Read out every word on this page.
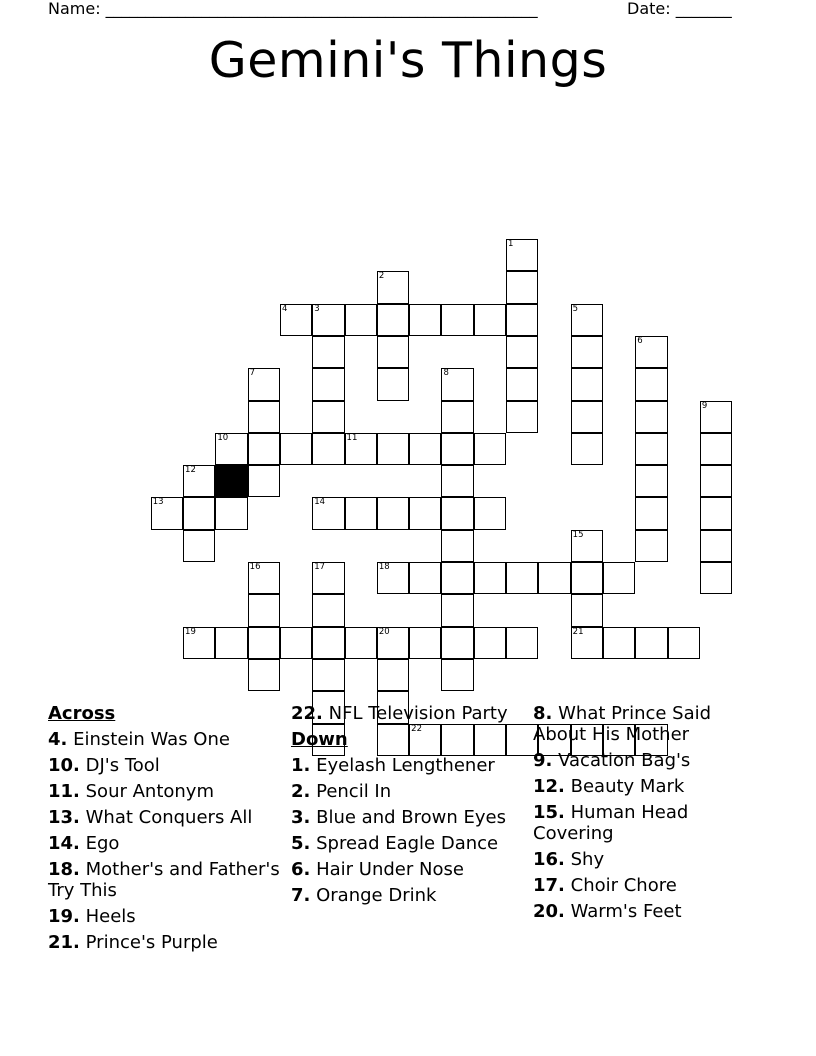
Name: ______________________________________________________	Date: _______
Gemini's Things
1
2
3
4	5
6
7	8
9
10	11
12
13	14
15
16	17	18
19	20	21
22
Across
4. Einstein Was One
10. DJ's Tool
11. Sour Antonym
13. What Conquers All
14. Ego
18. Mother's and Father's Try This
19. Heels
21. Prince's Purple
22. NFL Television Party
Down
1. Eyelash Lengthener
2. Pencil In
3. Blue and Brown Eyes
5. Spread Eagle Dance
6. Hair Under Nose
7. Orange Drink
8. What Prince Said About His Mother
9. Vacation Bag's
12. Beauty Mark
15. Human Head Covering
16. Shy
17. Choir Chore
20. Warm's Feet
